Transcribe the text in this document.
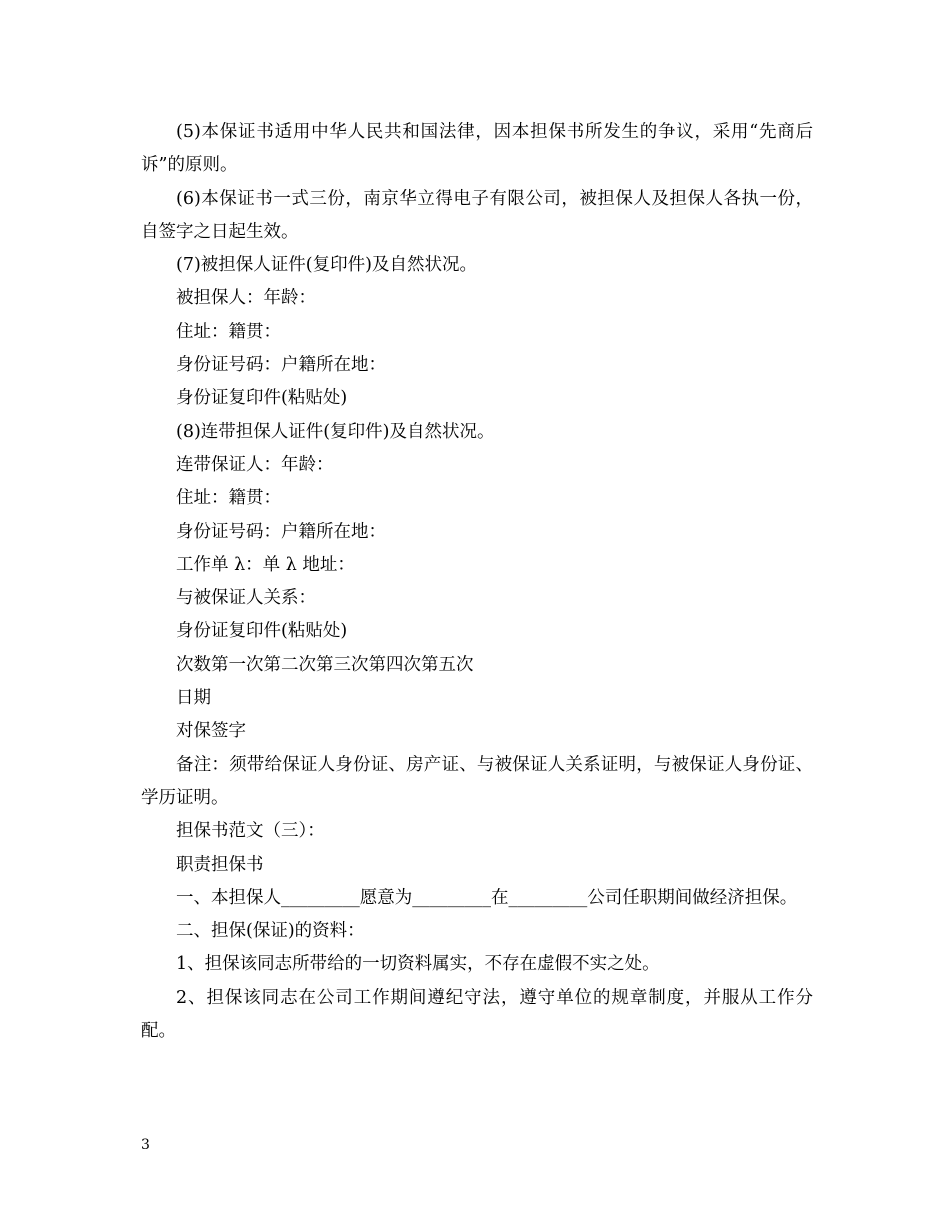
(5)本保证书适用中华人民共和国法律，因本担保书所发生的争议，采用“先商后诉”的原则。

(6)本保证书一式三份，南京华立得电子有限公司，被担保人及担保人各执一份，自签字之日起生效。

(7)被担保人证件(复印件)及自然状况。

被担保人：年龄：

住址：籍贯：

身份证号码：户籍所在地：

身份证复印件(粘贴处)

(8)连带担保人证件(复印件)及自然状况。

连带保证人：年龄：

住址：籍贯：

身份证号码：户籍所在地：

工作单 λ：单 λ 地址：

与被保证人关系：

身份证复印件(粘贴处)

次数第一次第二次第三次第四次第五次

日期

对保签字

备注：须带给保证人身份证、房产证、与被保证人关系证明，与被保证人身份证、学历证明。

担保书范文（三）：

职责担保书

一、本担保人_________愿意为_________在_________公司任职期间做经济担保。

二、担保(保证)的资料：

1、担保该同志所带给的一切资料属实，不存在虚假不实之处。

2、担保该同志在公司工作期间遵纪守法，遵守单位的规章制度，并服从工作分配。

3
